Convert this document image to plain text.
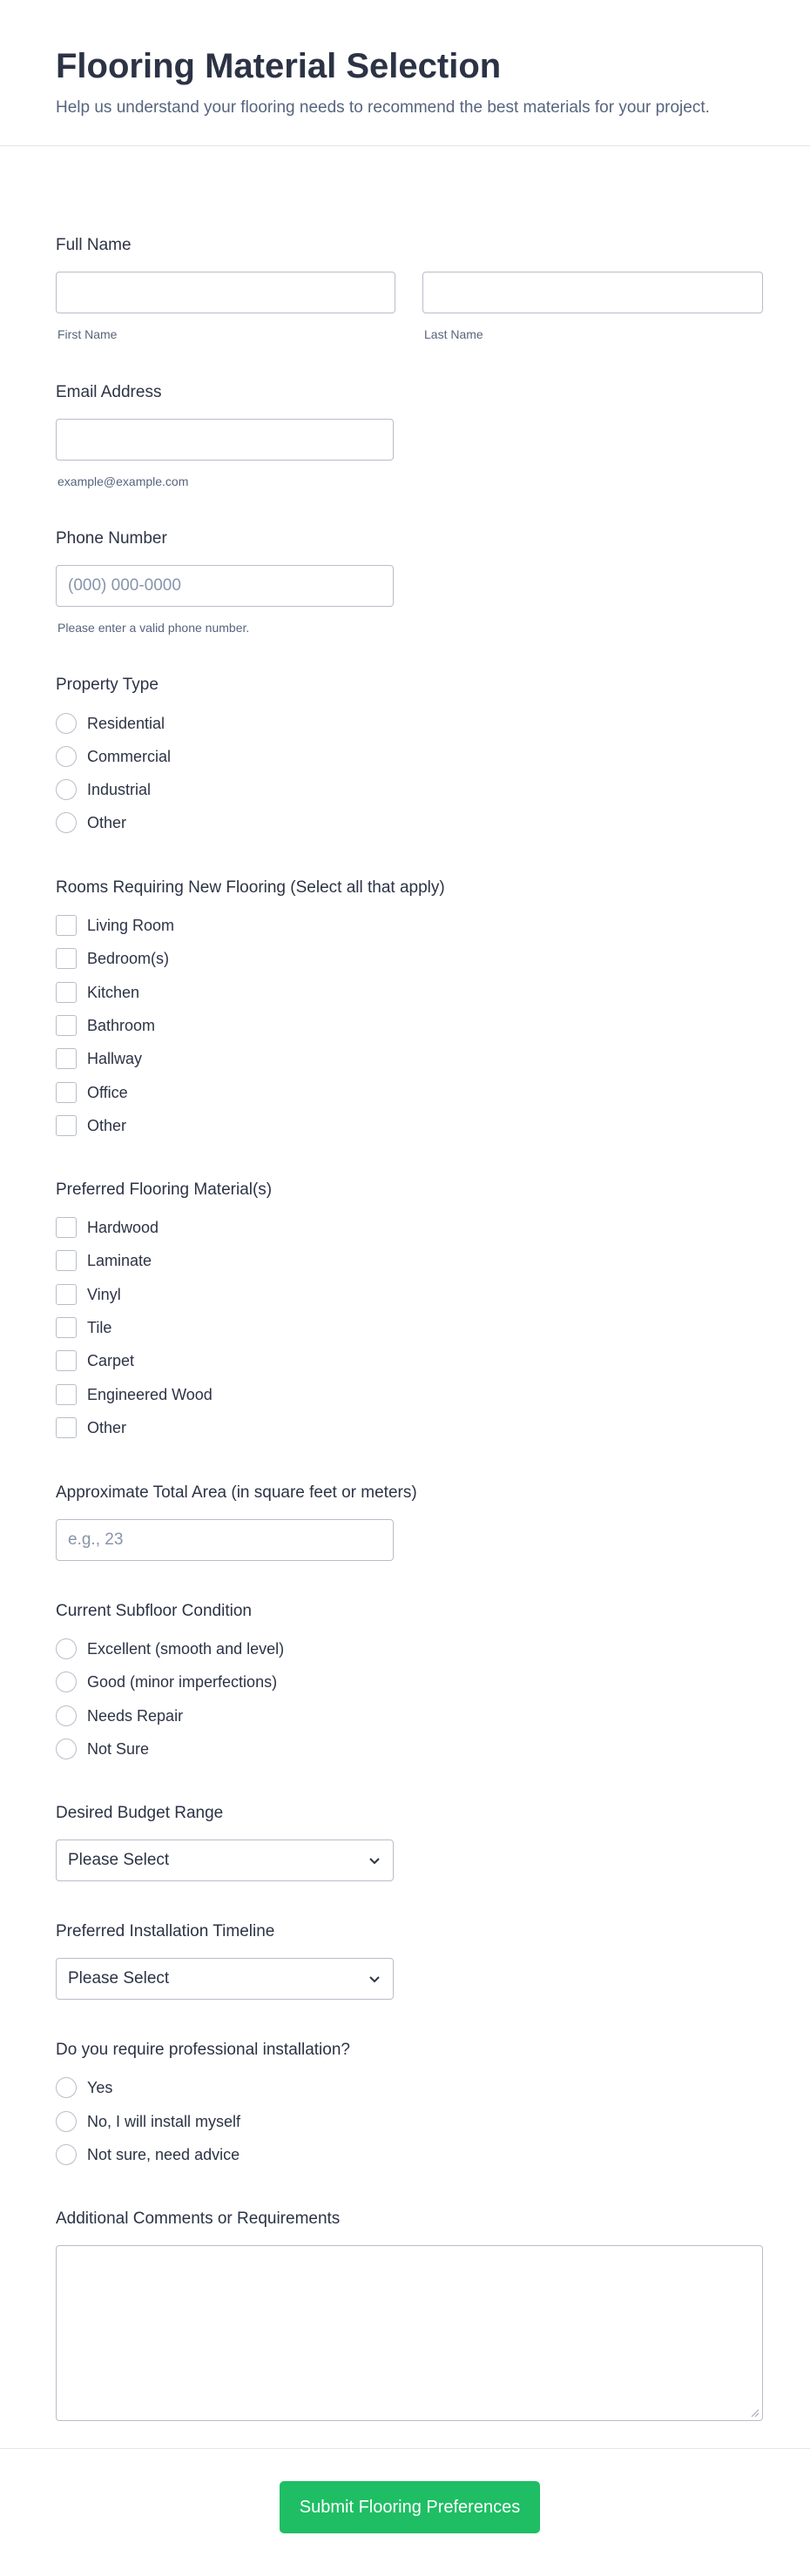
Flooring Material Selection
Help us understand your flooring needs to recommend the best materials for your project.
Full Name
First Name	Last Name
Email Address
example@example.com
Phone Number
(000) 000-0000
Please enter a valid phone number.
Property Type
Residential
Commercial
Industrial
Other
Rooms Requiring New Flooring (Select all that apply)
Living Room
Bedroom(s)
Kitchen
Bathroom
Hallway
Office
Other
Preferred Flooring Material(s)
Hardwood
Laminate
Vinyl
Tile
Carpet
Engineered Wood
Other
Approximate Total Area (in square feet or meters)
e.g., 23
Current Subfloor Condition
Excellent (smooth and level)
Good (minor imperfections)
Needs Repair
Not Sure
Desired Budget Range
Please Select
Preferred Installation Timeline
Please Select
Do you require professional installation?
Yes
No, I will install myself
Not sure, need advice
Additional Comments or Requirements
Submit Flooring Preferences
